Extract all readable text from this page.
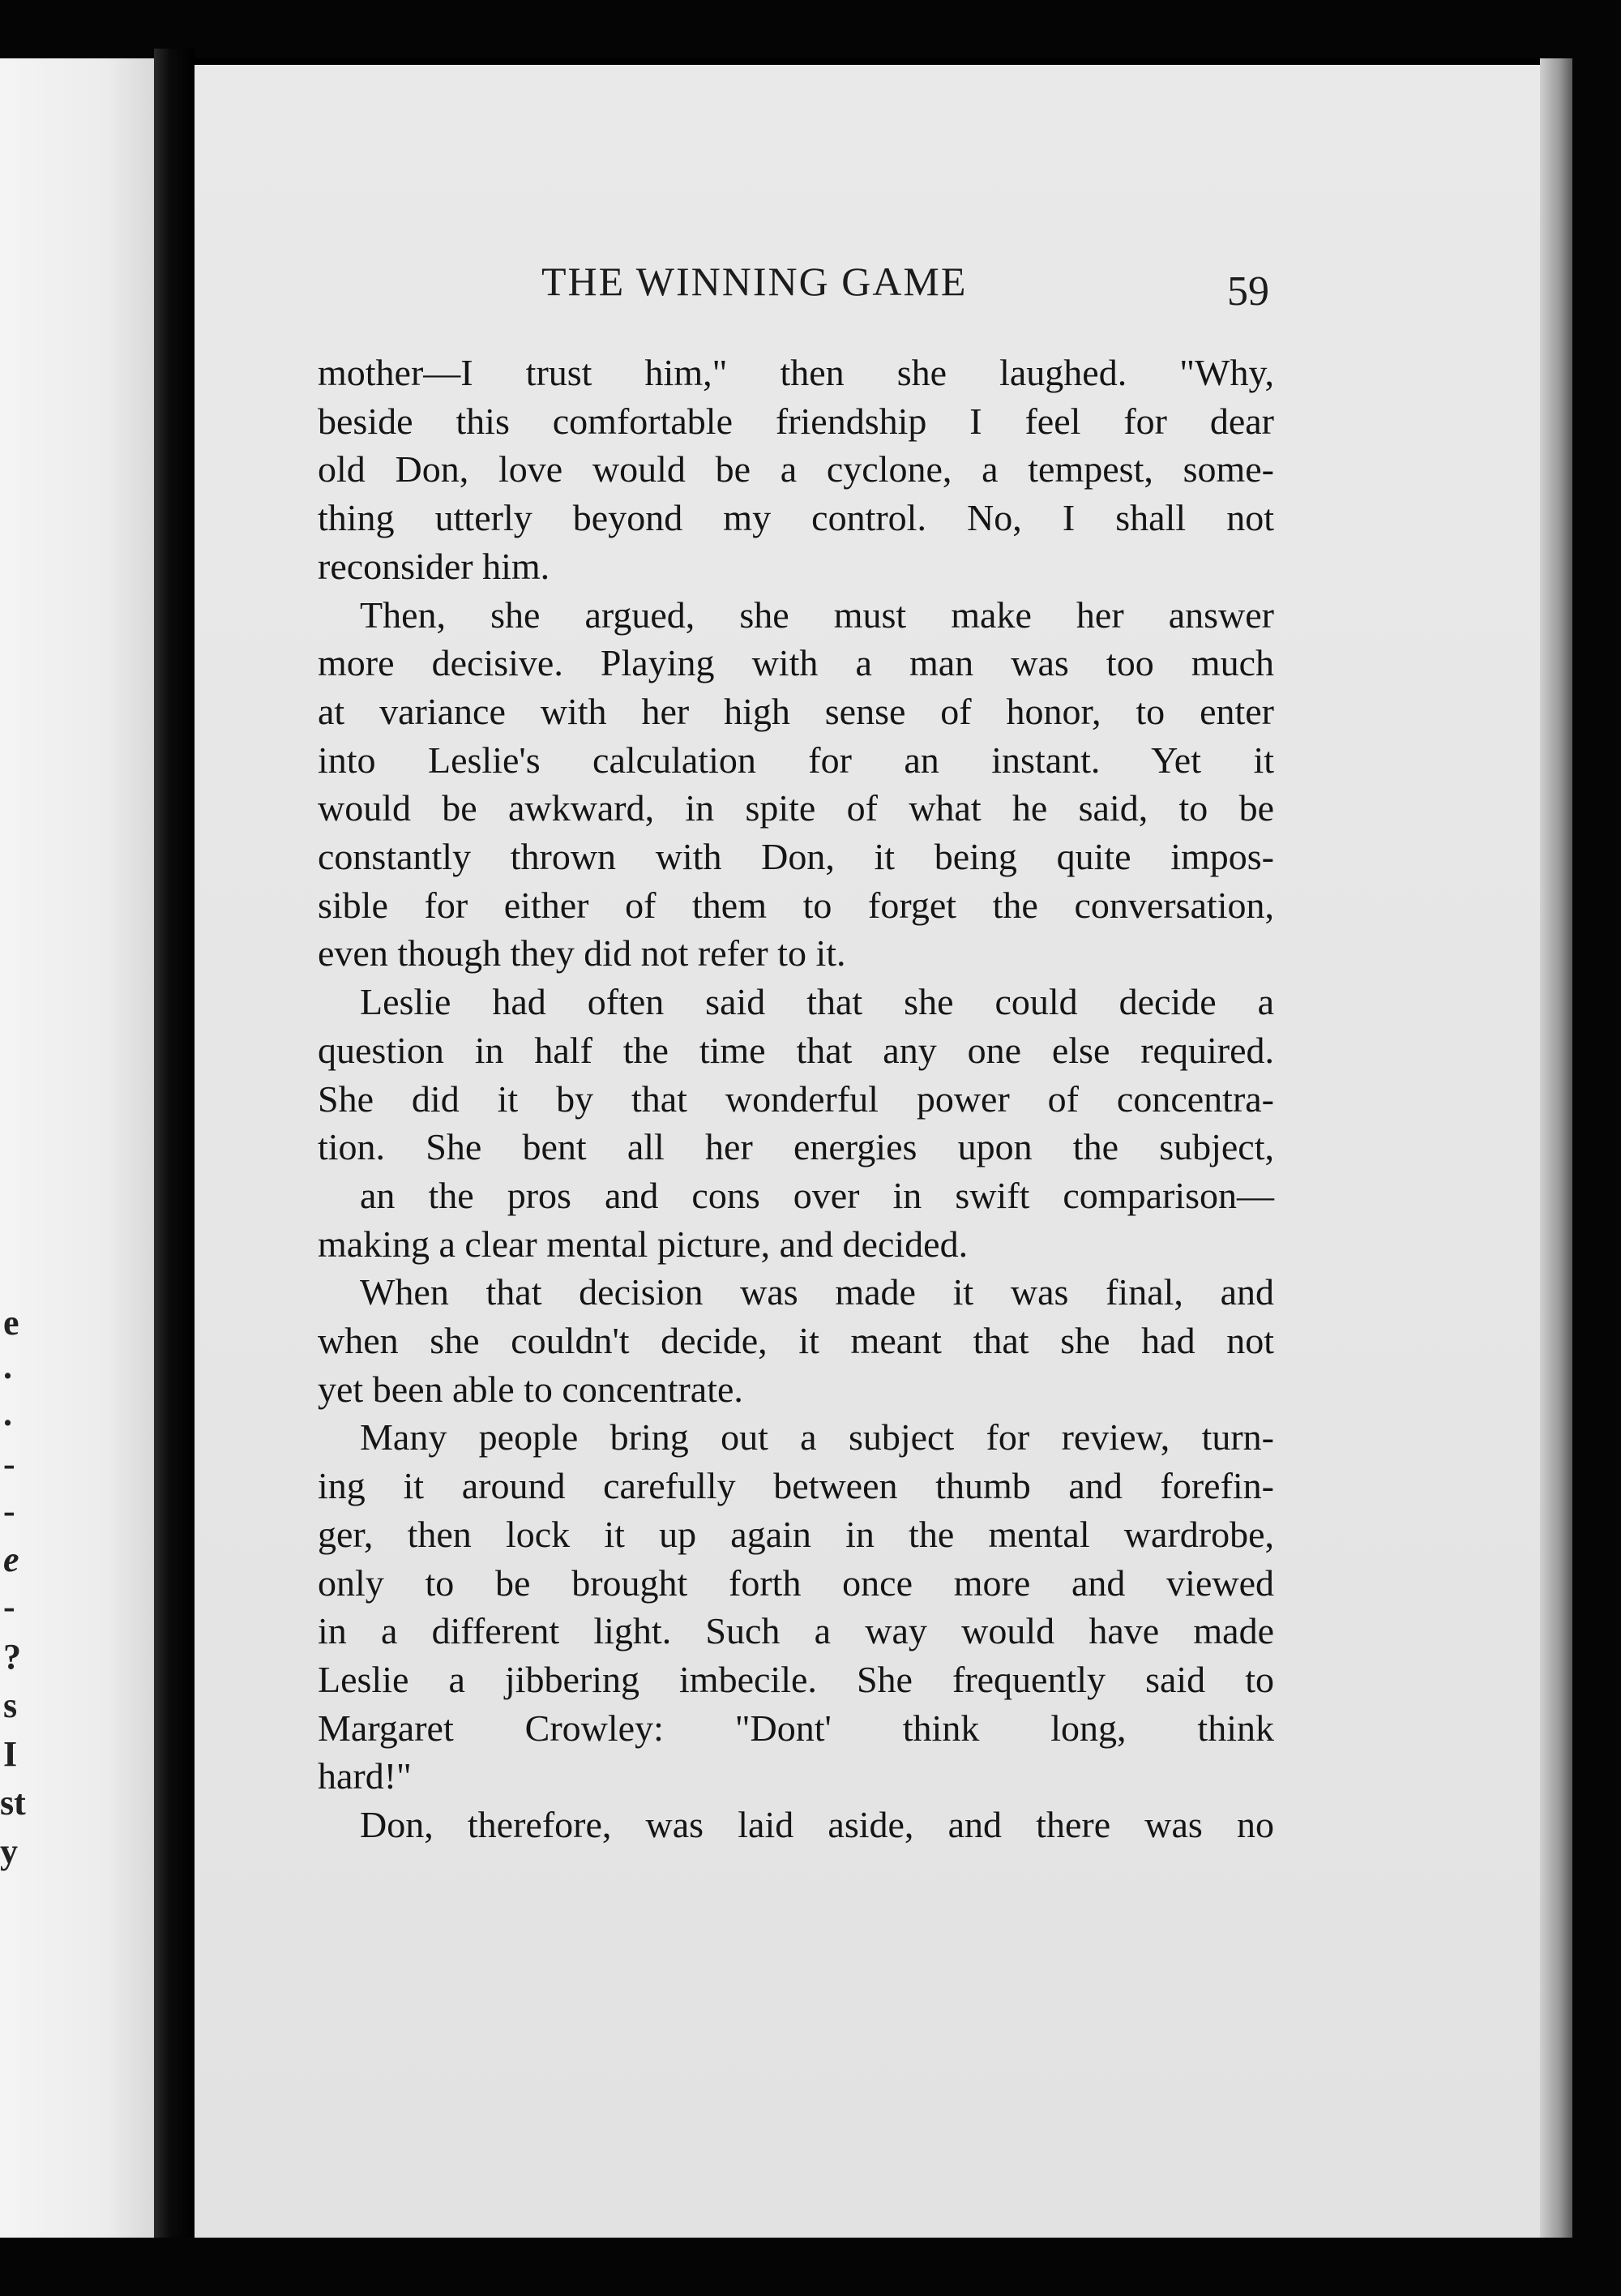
e
.
.
-
-
e
-
?
s
I
st
y
THE WINNING GAME	59
mother—I trust him," then she laughed. "Why,
beside this comfortable friendship I feel for dear
old Don, love would be a cyclone, a tempest, some-
thing utterly beyond my control. No, I shall not
reconsider him.
Then, she argued, she must make her answer
more decisive. Playing with a man was too much
at variance with her high sense of honor, to enter
into Leslie's calculation for an instant. Yet it
would be awkward, in spite of what he said, to be
constantly thrown with Don, it being quite impos-
sible for either of them to forget the conversation,
even though they did not refer to it.
Leslie had often said that she could decide a
question in half the time that any one else required.
She did it by that wonderful power of concentra-
tion. She bent all her energies upon the subject,
an the pros and cons over in swift comparison—
making a clear mental picture, and decided.
When that decision was made it was final, and
when she couldn't decide, it meant that she had not
yet been able to concentrate.
Many people bring out a subject for review, turn-
ing it around carefully between thumb and forefin-
ger, then lock it up again in the mental wardrobe,
only to be brought forth once more and viewed
in a different light. Such a way would have made
Leslie a jibbering imbecile. She frequently said to
Margaret Crowley: "Dont' think long, think
hard!"
Don, therefore, was laid aside, and there was no
